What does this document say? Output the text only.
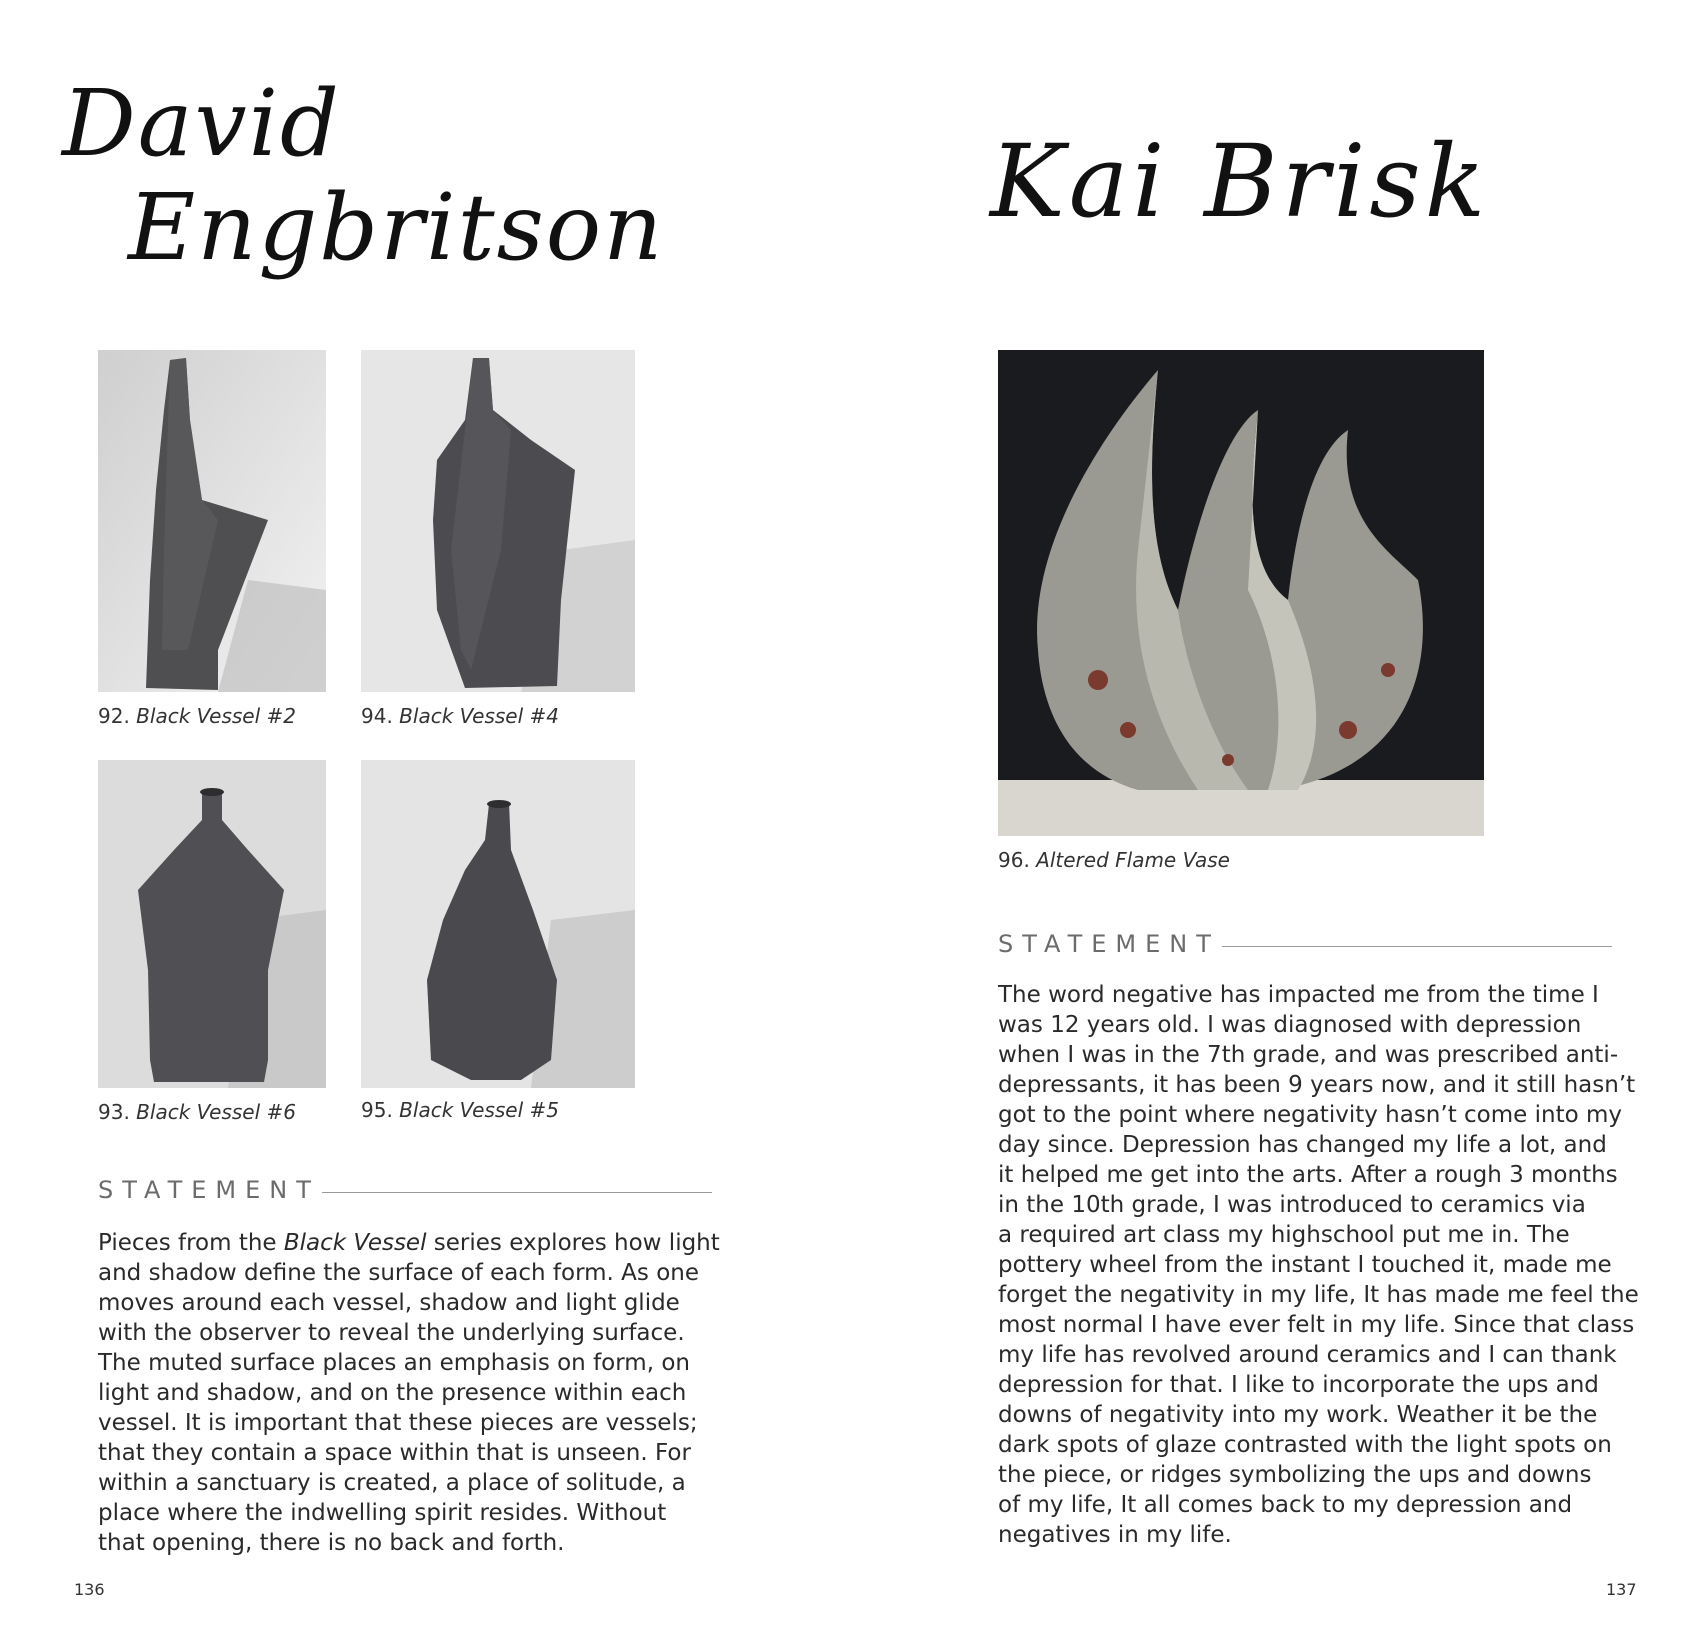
David
Engbritson
92. Black Vessel #2	94. Black Vessel #4
93. Black Vessel #6	95. Black Vessel #5
STATEMENT

Pieces from the Black Vessel series explores how light

and shadow define the surface of each form. As one

moves around each vessel, shadow and light glide

with the observer to reveal the underlying surface.

The muted surface places an emphasis on form, on

light and shadow, and on the presence within each

vessel. It is important that these pieces are vessels;

that they contain a space within that is unseen. For

within a sanctuary is created, a place of solitude, a

place where the indwelling spirit resides. Without

that opening, there is no back and forth.

136
Kai Brisk
96. Altered Flame Vase
STATEMENT

The word negative has impacted me from the time I

was 12 years old. I was diagnosed with depression

when I was in the 7th grade, and was prescribed anti-

depressants, it has been 9 years now, and it still hasn’t

got to the point where negativity hasn’t come into my

day since. Depression has changed my life a lot, and

it helped me get into the arts. After a rough 3 months

in the 10th grade, I was introduced to ceramics via

a required art class my highschool put me in. The

pottery wheel from the instant I touched it, made me

forget the negativity in my life, It has made me feel the

most normal I have ever felt in my life. Since that class

my life has revolved around ceramics and I can thank

depression for that. I like to incorporate the ups and

downs of negativity into my work. Weather it be the

dark spots of glaze contrasted with the light spots on

the piece, or ridges symbolizing the ups and downs

of my life, It all comes back to my depression and

negatives in my life.

137
